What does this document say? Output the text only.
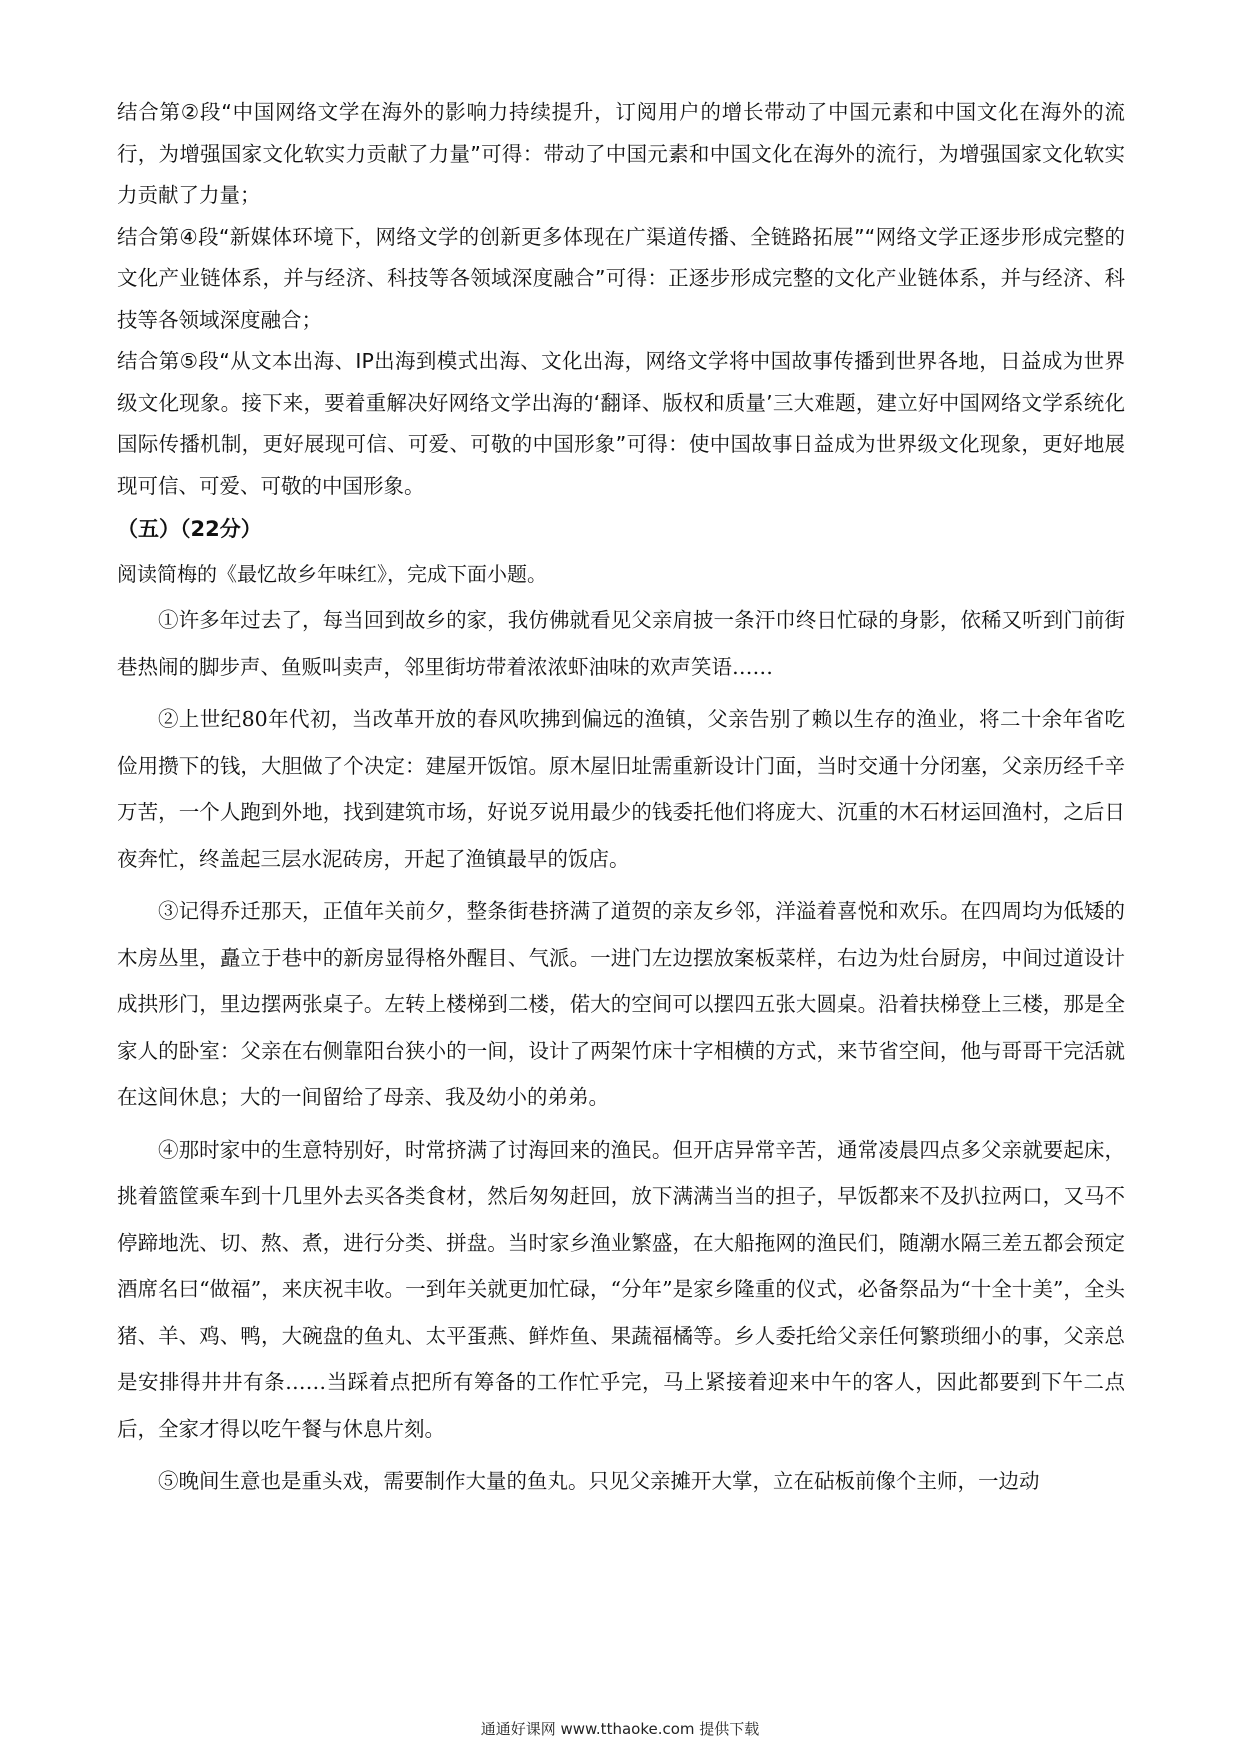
结合第②段“中国网络文学在海外的影响力持续提升，订阅用户的增长带动了中国元素和中国文化在海外的流行，为增强国家文化软实力贡献了力量”可得：带动了中国元素和中国文化在海外的流行，为增强国家文化软实力贡献了力量；

结合第④段“新媒体环境下，网络文学的创新更多体现在广渠道传播、全链路拓展”“网络文学正逐步形成完整的文化产业链体系，并与经济、科技等各领域深度融合”可得：正逐步形成完整的文化产业链体系，并与经济、科技等各领域深度融合；

结合第⑤段“从文本出海、IP出海到模式出海、文化出海，网络文学将中国故事传播到世界各地，日益成为世界级文化现象。接下来，要着重解决好网络文学出海的‘翻译、版权和质量’三大难题，建立好中国网络文学系统化国际传播机制，更好展现可信、可爱、可敬的中国形象”可得：使中国故事日益成为世界级文化现象，更好地展现可信、可爱、可敬的中国形象。

（五）（22分）

阅读简梅的《最忆故乡年味红》，完成下面小题。

①许多年过去了，每当回到故乡的家，我仿佛就看见父亲肩披一条汗巾终日忙碌的身影，依稀又听到门前街巷热闹的脚步声、鱼贩叫卖声，邻里街坊带着浓浓虾油味的欢声笑语……

②上世纪80年代初，当改革开放的春风吹拂到偏远的渔镇，父亲告别了赖以生存的渔业，将二十余年省吃俭用攒下的钱，大胆做了个决定：建屋开饭馆。原木屋旧址需重新设计门面，当时交通十分闭塞，父亲历经千辛万苦，一个人跑到外地，找到建筑市场，好说歹说用最少的钱委托他们将庞大、沉重的木石材运回渔村，之后日夜奔忙，终盖起三层水泥砖房，开起了渔镇最早的饭店。

③记得乔迁那天，正值年关前夕，整条街巷挤满了道贺的亲友乡邻，洋溢着喜悦和欢乐。在四周均为低矮的木房丛里，矗立于巷中的新房显得格外醒目、气派。一进门左边摆放案板菜样，右边为灶台厨房，中间过道设计成拱形门，里边摆两张桌子。左转上楼梯到二楼，偌大的空间可以摆四五张大圆桌。沿着扶梯登上三楼，那是全家人的卧室：父亲在右侧靠阳台狭小的一间，设计了两架竹床十字相横的方式，来节省空间，他与哥哥干完活就在这间休息；大的一间留给了母亲、我及幼小的弟弟。

④那时家中的生意特别好，时常挤满了讨海回来的渔民。但开店异常辛苦，通常凌晨四点多父亲就要起床，挑着篮筐乘车到十几里外去买各类食材，然后匆匆赶回，放下满满当当的担子，早饭都来不及扒拉两口，又马不停蹄地洗、切、熬、煮，进行分类、拼盘。当时家乡渔业繁盛，在大船拖网的渔民们，随潮水隔三差五都会预定酒席名曰“做福”，来庆祝丰收。一到年关就更加忙碌，“分年”是家乡隆重的仪式，必备祭品为“十全十美”，全头猪、羊、鸡、鸭，大碗盘的鱼丸、太平蛋燕、鲜炸鱼、果蔬福橘等。乡人委托给父亲任何繁琐细小的事，父亲总是安排得井井有条……当踩着点把所有筹备的工作忙乎完，马上紧接着迎来中午的客人，因此都要到下午二点后，全家才得以吃午餐与休息片刻。

⑤晚间生意也是重头戏，需要制作大量的鱼丸。只见父亲摊开大掌，立在砧板前像个主师，一边动

通通好课网 www.tthaoke.com 提供下载
